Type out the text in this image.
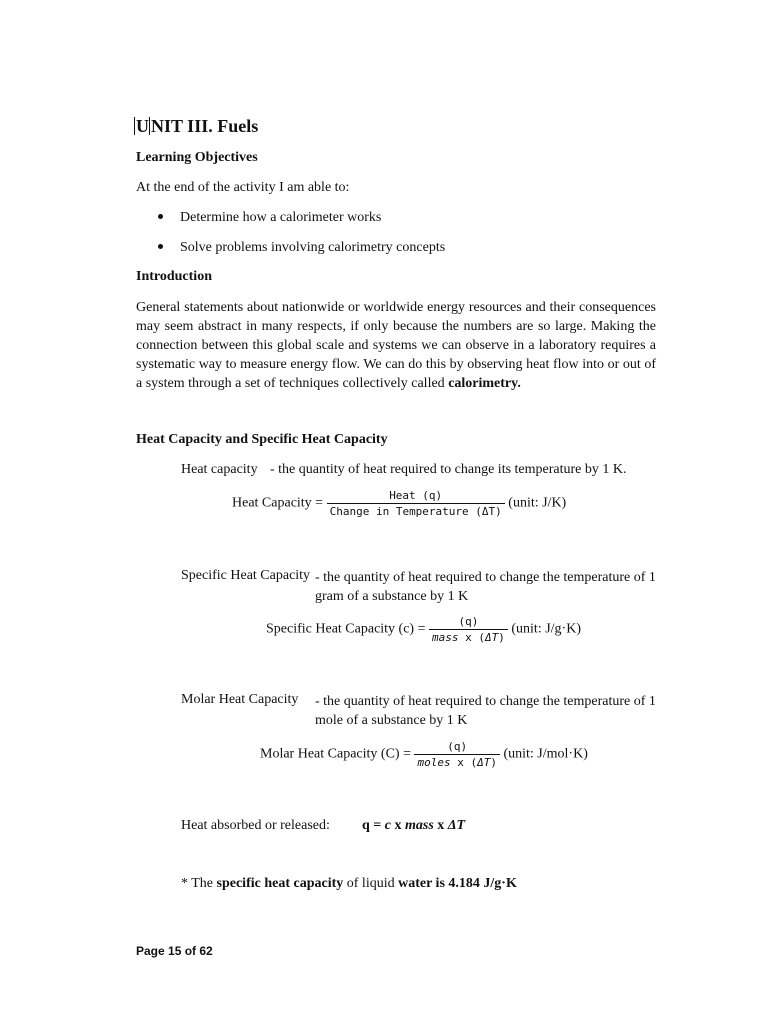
U NIT III. Fuels
Learning Objectives
At the end of the activity I am able to:
Determine how a calorimeter works
Solve problems involving calorimetry concepts
Introduction
General statements about nationwide or worldwide energy resources and their consequences
may seem abstract in many respects, if only because the numbers are so large. Making the
connection between this global scale and systems we can observe in a laboratory requires a
systematic way to measure energy flow. We can do this by observing heat flow into or out of
a system through a set of techniques collectively called calorimetry.
Heat Capacity and Specific Heat Capacity
Heat capacity - the quantity of heat required to change its temperature by 1 K.
Heat Capacity = $\frac{\text{Heat (q)}}{\text{Change in Temperature (ΔT)}}$ (unit: J/K)
Specific Heat Capacity - the quantity of heat required to change the temperature of 1
gram of a substance by 1 K
Specific Heat Capacity $(c) = \frac{(q)}{\text{mass x (ΔT)}}$ (unit: J/g·K)
Molar Heat Capacity - the quantity of heat required to change the temperature of 1
mole of a substance by 1 K
Molar Heat Capacity $(C) = \frac{(q)}{\text{moles x (ΔT)}}$ (unit: J/mol·K)
Heat absorbed or released: q = c x mass x ΔT
* The specific heat capacity of liquid water is 4.184 J/g·K
Page 15 of 62
